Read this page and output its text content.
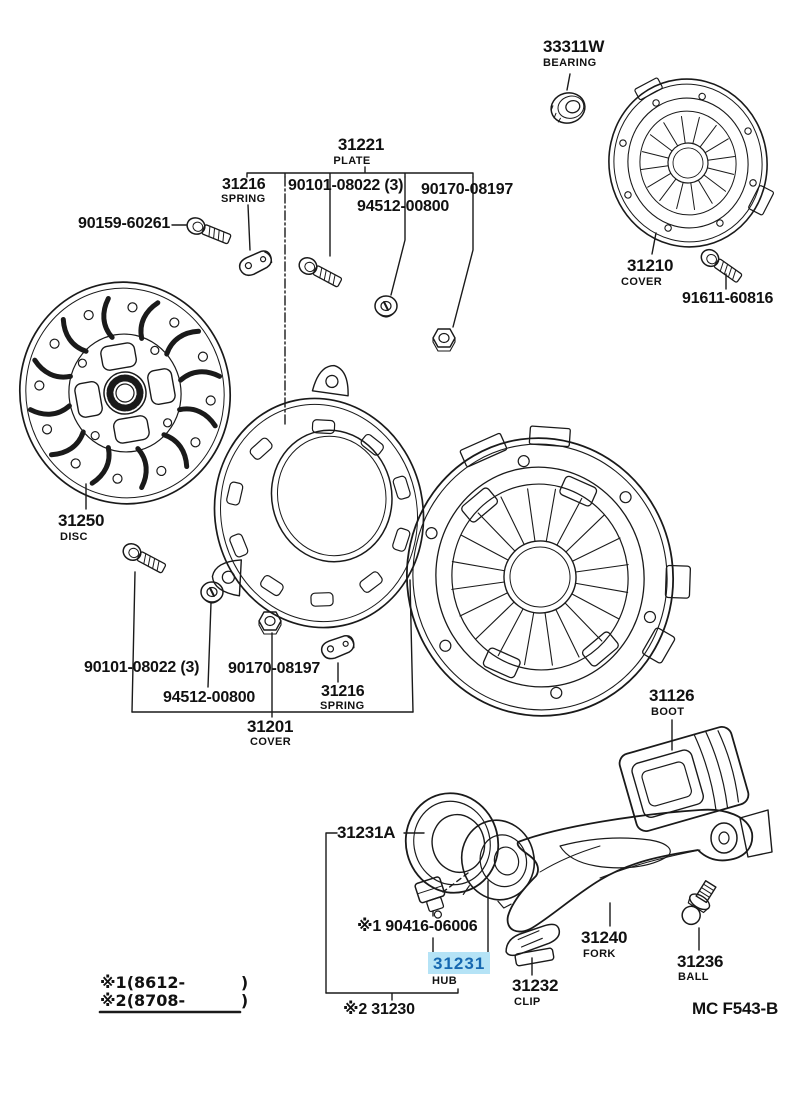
33311W
BEARING
31221
PLATE
31216
SPRING
90101-08022 (3) 90170-08197
94512-00800
90159-60261
31210
COVER
91611-60816
31250
DISC
90101-08022 (3) 90170-08197
94512-00800	31216
SPRING
31201
COVER
31126
BOOT
31231A
※1 90416-06006
31231
HUB
31240
FORK
31232
CLIP
31236
BALL
※2 31230	MC F543-B
※1(8612-          )
※2(8708-          )
